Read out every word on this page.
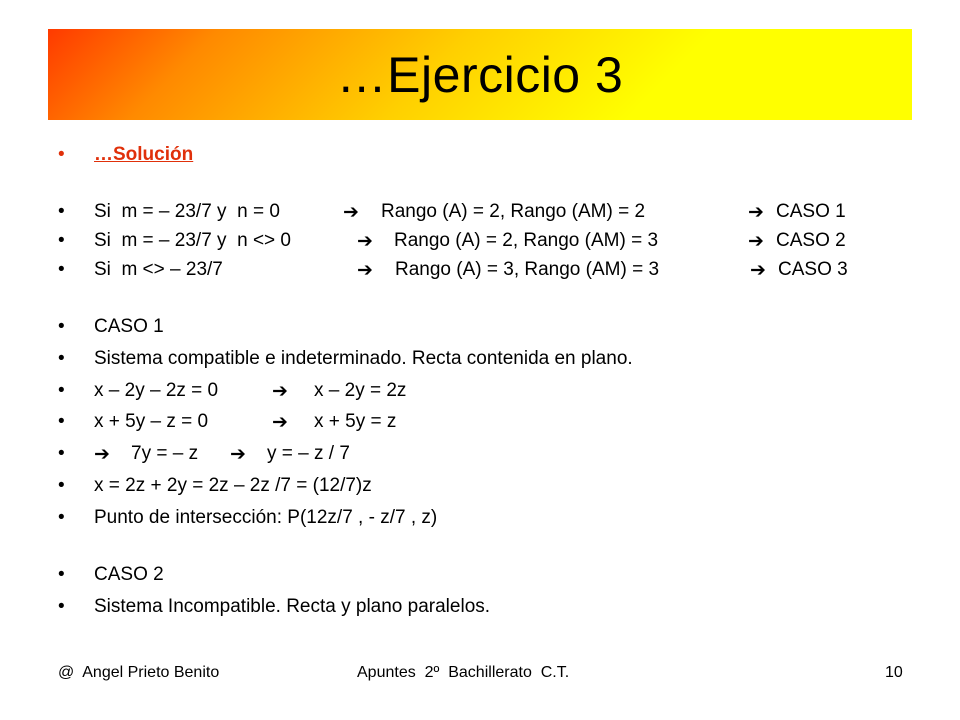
…Ejercicio 3
• …Solución
• Si  m = – 23/7 y  n = 0	➔ Rango (A) = 2, Rango (AM) = 2	➔ CASO 1
• Si  m = – 23/7 y  n <> 0	➔ Rango (A) = 2, Rango (AM) = 3	➔ CASO 2
• Si  m <> – 23/7	➔ Rango (A) = 3, Rango (AM) = 3	➔ CASO 3
• CASO 1
• Sistema compatible e indeterminado. Recta contenida en plano.
• x – 2y – 2z = 0	➔ x – 2y = 2z
• x + 5y – z = 0	➔ x + 5y = z
• ➔ 7y = – z ➔ y = – z / 7
• x = 2z + 2y = 2z – 2z /7 = (12/7)z
• Punto de intersección: P(12z/7 , - z/7 , z)
• CASO 2
• Sistema Incompatible. Recta y plano paralelos.
@  Angel Prieto Benito	Apuntes  2º  Bachillerato  C.T.	10
